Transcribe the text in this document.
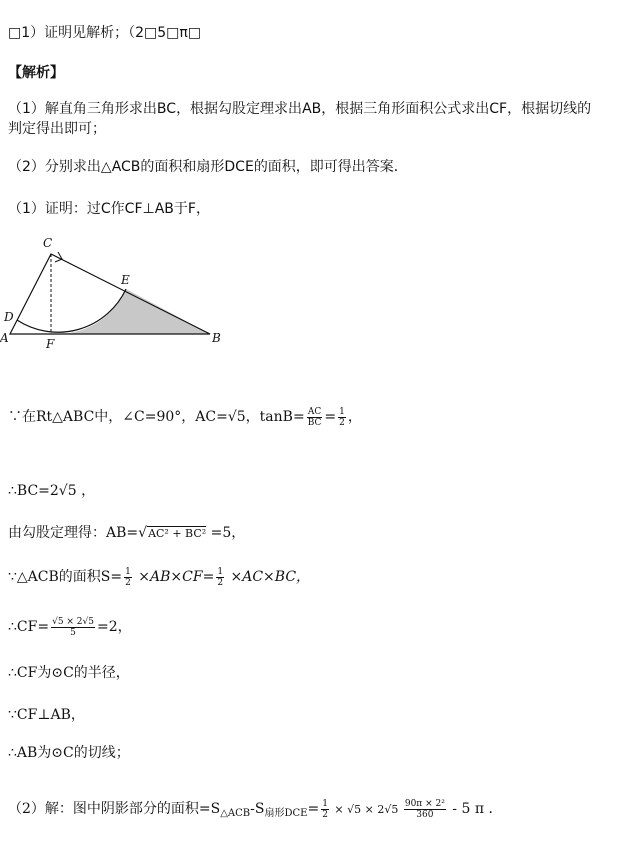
□1）证明见解析；（2□5□π□
【解析】
（1）解直角三角形求出BC，根据勾股定理求出AB，根据三角形面积公式求出CF，根据切线的
判定得出即可；
（2）分别求出△ACB的面积和扇形DCE的面积，即可得出答案．
（1）证明：过C作CF⊥AB于F，
C
E
D
A	F	B
∵在Rt△ABC中，∠C=90°，AC=√5，$\tan B= \frac{AC}{BC} = \frac{1}{2}$ ，
∴BC=2√5 ，
由勾股定理得：AB=√AC² + BC² =5，
∵△ACB的面积$S= \frac{1}{2} \times AB\times CF= \frac{1}{2} \times AC\times BC$，
∴CF= $\frac{√5 \times 2√5}{5} =2$，
∴CF为⊙C的半径，
∵CF⊥AB，
∴AB为⊙C的切线；
（2）解：图中阴影部分的面积$=S_{\triangle ACB}-S_{扇形DCE}= \frac{1}{2} \times √5 \times 2√5 \frac{\text{90π × 2²}}{360} - 5$ π ．
